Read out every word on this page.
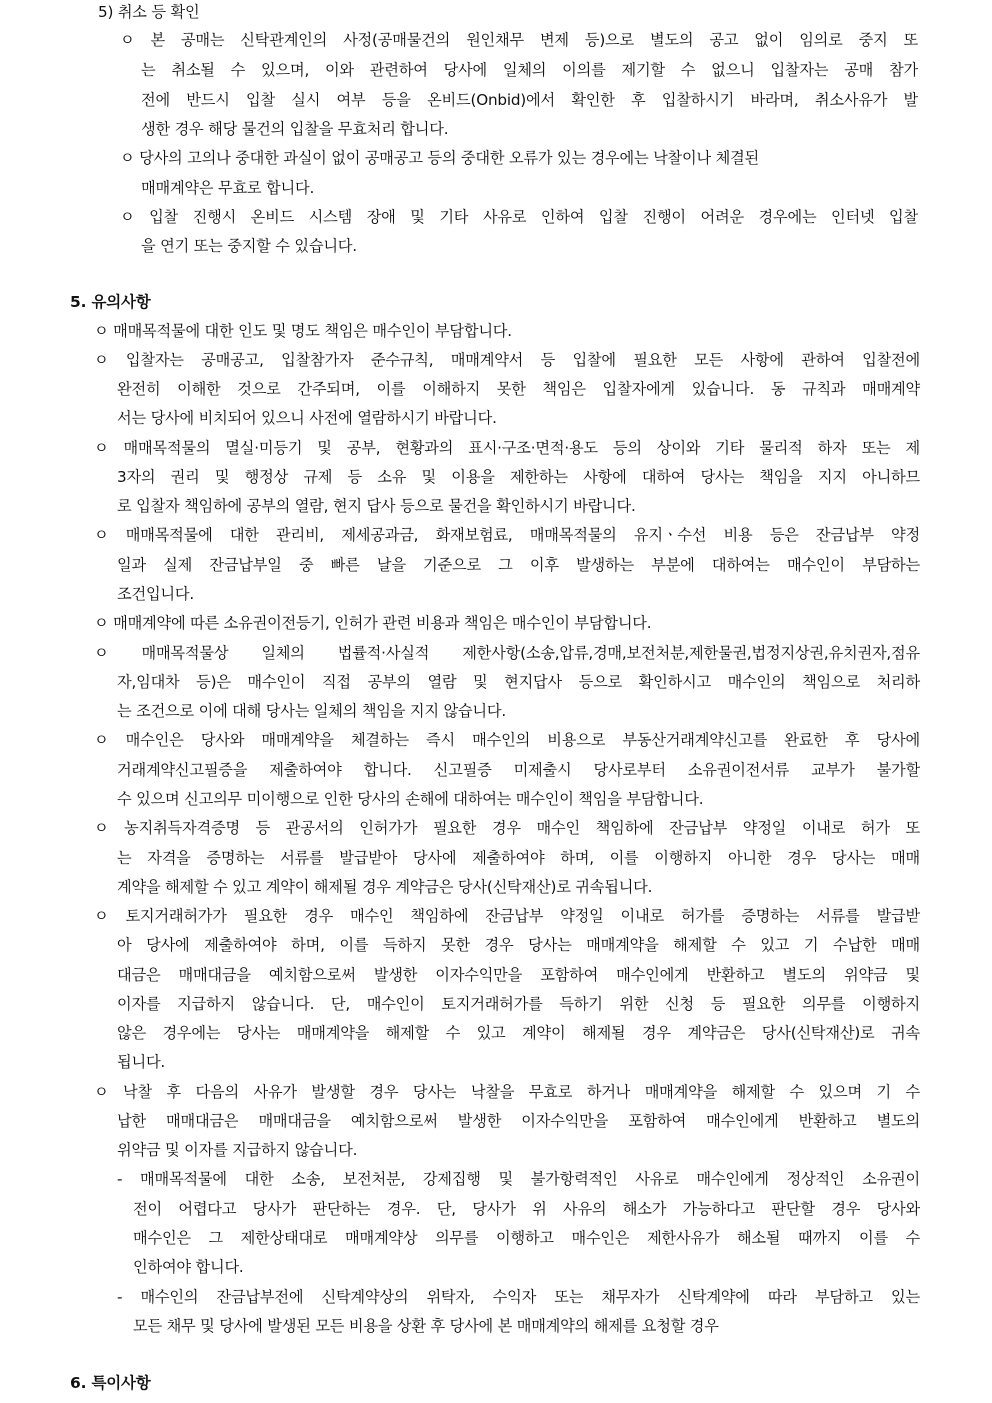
5) 취소 등 확인
ㅇ 본 공매는 신탁관계인의 사정(공매물건의 원인채무 변제 등)으로 별도의 공고 없이 임의로 중지 또
는 취소될 수 있으며, 이와 관련하여 당사에 일체의 이의를 제기할 수 없으니 입찰자는 공매 참가
전에 반드시 입찰 실시 여부 등을 온비드(Onbid)에서 확인한 후 입찰하시기 바라며, 취소사유가 발
생한 경우 해당 물건의 입찰을 무효처리 합니다.
ㅇ 당사의 고의나 중대한 과실이 없이 공매공고 등의 중대한 오류가 있는 경우에는 낙찰이나 체결된
매매계약은 무효로 합니다.
ㅇ 입찰 진행시 온비드 시스템 장애 및 기타 사유로 인하여 입찰 진행이 어려운 경우에는 인터넷 입찰
을 연기 또는 중지할 수 있습니다.
5. 유의사항
ㅇ 매매목적물에 대한 인도 및 명도 책임은 매수인이 부담합니다.
ㅇ 입찰자는 공매공고, 입찰참가자 준수규칙, 매매계약서 등 입찰에 필요한 모든 사항에 관하여 입찰전에
완전히 이해한 것으로 간주되며, 이를 이해하지 못한 책임은 입찰자에게 있습니다. 동 규칙과 매매계약
서는 당사에 비치되어 있으니 사전에 열람하시기 바랍니다.
ㅇ 매매목적물의 멸실·미등기 및 공부, 현황과의 표시·구조·면적·용도 등의 상이와 기타 물리적 하자 또는 제
3자의 권리 및 행정상 규제 등 소유 및 이용을 제한하는 사항에 대하여 당사는 책임을 지지 아니하므
로 입찰자 책임하에 공부의 열람, 현지 답사 등으로 물건을 확인하시기 바랍니다.
ㅇ 매매목적물에 대한 관리비, 제세공과금, 화재보험료, 매매목적물의 유지ㆍ수선 비용 등은 잔금납부 약정
일과 실제 잔금납부일 중 빠른 날을 기준으로 그 이후 발생하는 부분에 대하여는 매수인이 부담하는
조건입니다.
ㅇ 매매계약에 따른 소유권이전등기, 인허가 관련 비용과 책임은 매수인이 부담합니다.
ㅇ 매매목적물상 일체의 법률적·사실적 제한사항(소송,압류,경매,보전처분,제한물권,법정지상권,유치권자,점유
자,임대차 등)은 매수인이 직접 공부의 열람 및 현지답사 등으로 확인하시고 매수인의 책임으로 처리하
는 조건으로 이에 대해 당사는 일체의 책임을 지지 않습니다.
ㅇ 매수인은 당사와 매매계약을 체결하는 즉시 매수인의 비용으로 부동산거래계약신고를 완료한 후 당사에
거래계약신고필증을 제출하여야 합니다. 신고필증 미제출시 당사로부터 소유권이전서류 교부가 불가할
수 있으며 신고의무 미이행으로 인한 당사의 손해에 대하여는 매수인이 책임을 부담합니다.
ㅇ 농지취득자격증명 등 관공서의 인허가가 필요한 경우 매수인 책임하에 잔금납부 약정일 이내로 허가 또
는 자격을 증명하는 서류를 발급받아 당사에 제출하여야 하며, 이를 이행하지 아니한 경우 당사는 매매
계약을 해제할 수 있고 계약이 해제될 경우 계약금은 당사(신탁재산)로 귀속됩니다.
ㅇ 토지거래허가가 필요한 경우 매수인 책임하에 잔금납부 약정일 이내로 허가를 증명하는 서류를 발급받
아 당사에 제출하여야 하며, 이를 득하지 못한 경우 당사는 매매계약을 해제할 수 있고 기 수납한 매매
대금은 매매대금을 예치함으로써 발생한 이자수익만을 포함하여 매수인에게 반환하고 별도의 위약금 및
이자를 지급하지 않습니다. 단, 매수인이 토지거래허가를 득하기 위한 신청 등 필요한 의무를 이행하지
않은 경우에는 당사는 매매계약을 해제할 수 있고 계약이 해제될 경우 계약금은 당사(신탁재산)로 귀속
됩니다.
ㅇ 낙찰 후 다음의 사유가 발생할 경우 당사는 낙찰을 무효로 하거나 매매계약을 해제할 수 있으며 기 수
납한 매매대금은 매매대금을 예치함으로써 발생한 이자수익만을 포함하여 매수인에게 반환하고 별도의
위약금 및 이자를 지급하지 않습니다.
- 매매목적물에 대한 소송, 보전처분, 강제집행 및 불가항력적인 사유로 매수인에게 정상적인 소유권이
전이 어렵다고 당사가 판단하는 경우. 단, 당사가 위 사유의 해소가 가능하다고 판단할 경우 당사와
매수인은 그 제한상태대로 매매계약상 의무를 이행하고 매수인은 제한사유가 해소될 때까지 이를 수
인하여야 합니다.
- 매수인의 잔금납부전에 신탁계약상의 위탁자, 수익자 또는 채무자가 신탁계약에 따라 부담하고 있는
모든 채무 및 당사에 발생된 모든 비용을 상환 후 당사에 본 매매계약의 해제를 요청할 경우
6. 특이사항
